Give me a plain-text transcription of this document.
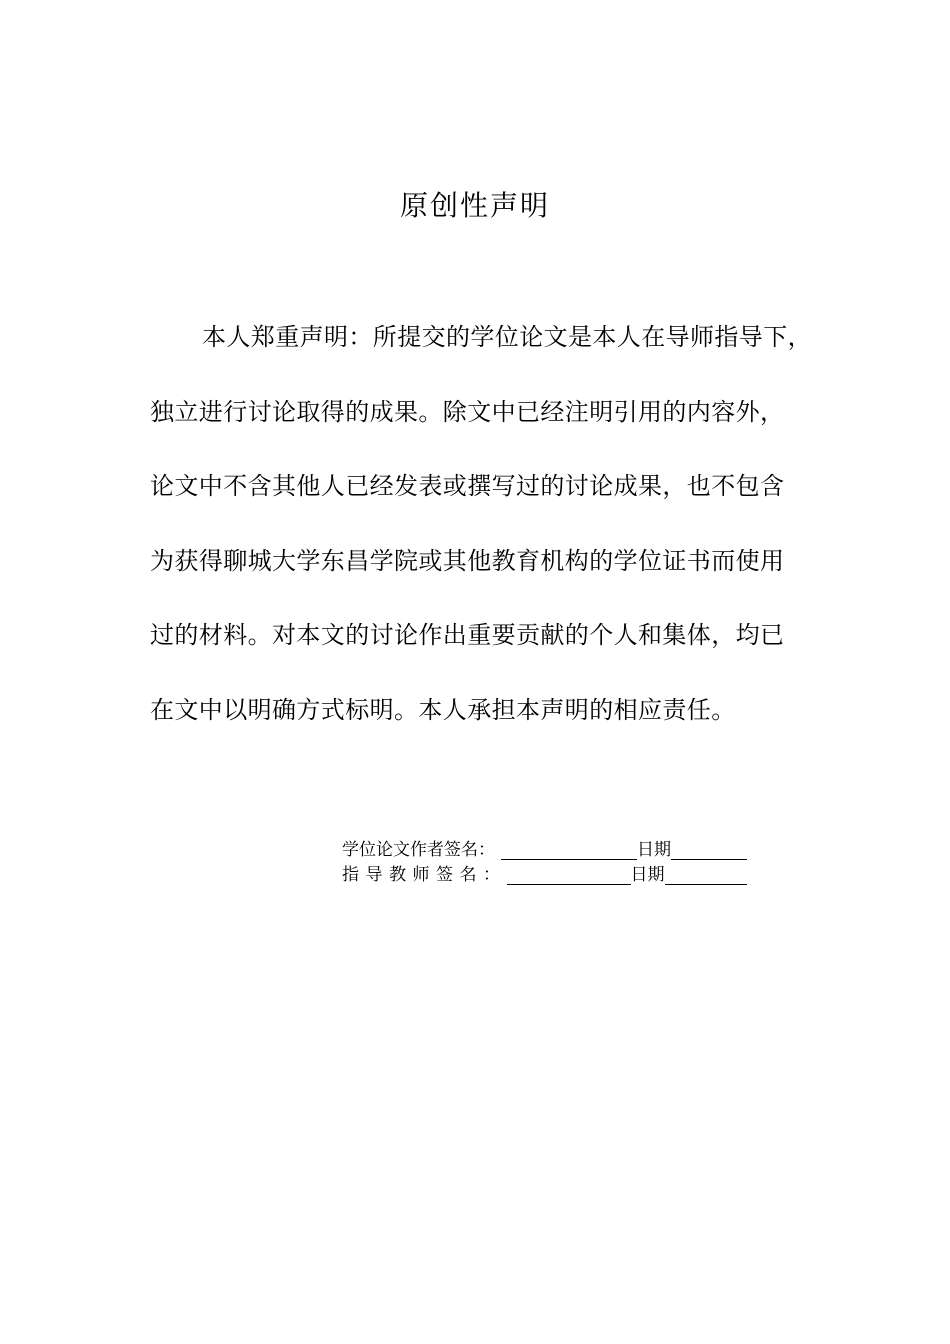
原创性声明
本人郑重声明：所提交的学位论文是本人在导师指导下，
独立进行讨论取得的成果。除文中已经注明引用的内容外，
论文中不含其他人已经发表或撰写过的讨论成果，也不包含
为获得聊城大学东昌学院或其他教育机构的学位证书而使用
过的材料。对本文的讨论作出重要贡献的个人和集体，均已
在文中以明确方式标明。本人承担本声明的相应责任。
学位论文作者签名：	日期
指导教师签名：	日期
